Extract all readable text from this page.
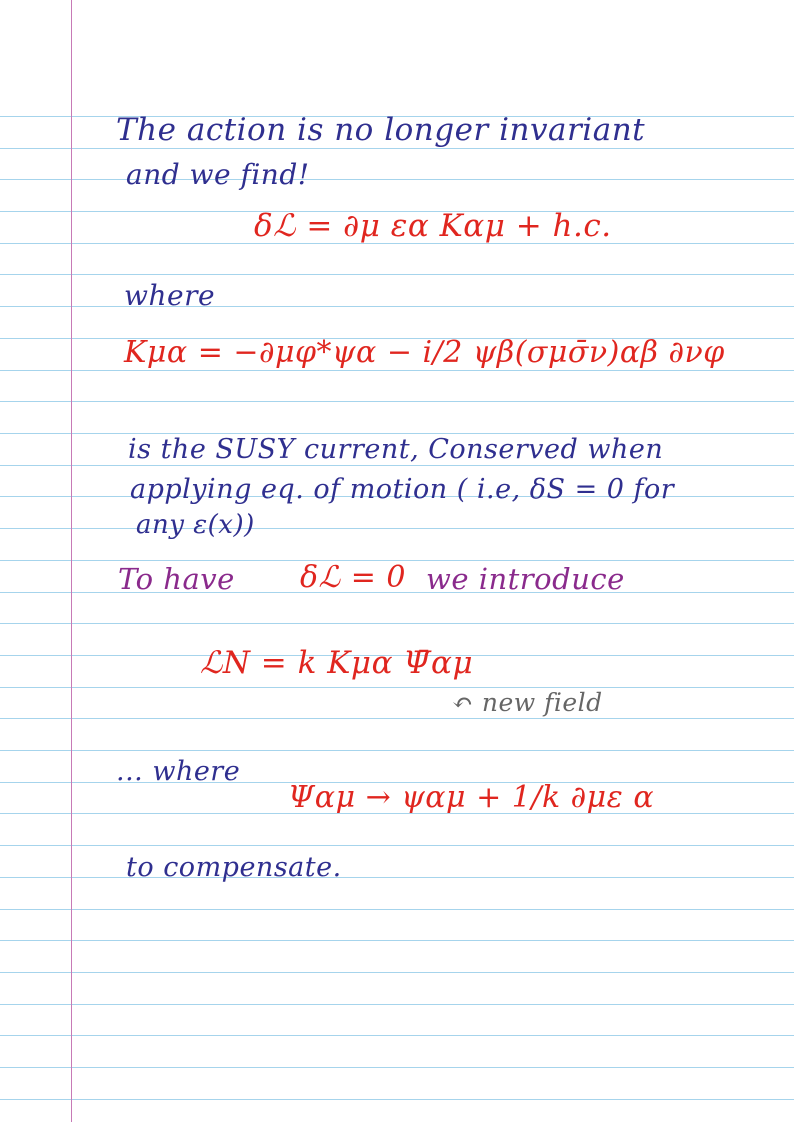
The action is no longer invariant
and we find!
δℒ = ∂μ εα Kαμ + h.c.
where
Kμα = −∂μφ*ψα − i/2 ψβ(σμσ̄ν)αβ ∂νφ
is the SUSY current, Conserved when
applying eq. of motion ( i.e, δS = 0 for
any ε(x))
To have δℒ = 0 we introduce
ℒN = k Kμα Ψ̄αμ
↶ new field
... where
Ψαμ → ψαμ + 1/k ∂με α
to compensate.
